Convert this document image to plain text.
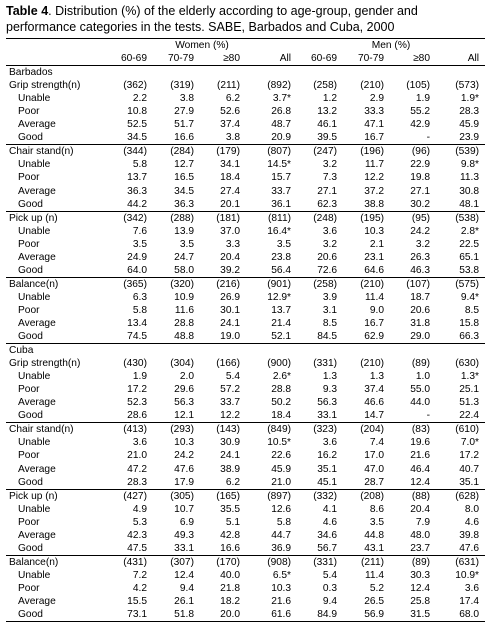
Table 4. Distribution (%) of the elderly according to age-group, gender and performance categories in the tests. SABE, Barbados and Cuba, 2000
	Women (%)				Men (%)			
	60-69	70-79	≥80	All	60-69	70-79	≥80	All
Barbados								
Grip strength(n)	(362)	(319)	(211)	(892)	(258)	(210)	(105)	(573)
Unable	2.2	3.8	6.2	3.7*	1.2	2.9	1.9	1.9*
Poor	10.8	27.9	52.6	26.8	13.2	33.3	55.2	28.3
Average	52.5	51.7	37.4	48.7	46.1	47.1	42.9	45.9
Good	34.5	16.6	3.8	20.9	39.5	16.7	-	23.9
Chair stand(n)	(344)	(284)	(179)	(807)	(247)	(196)	(96)	(539)
Unable	5.8	12.7	34.1	14.5*	3.2	11.7	22.9	9.8*
Poor	13.7	16.5	18.4	15.7	7.3	12.2	19.8	11.3
Average	36.3	34.5	27.4	33.7	27.1	37.2	27.1	30.8
Good	44.2	36.3	20.1	36.1	62.3	38.8	30.2	48.1
Pick up (n)	(342)	(288)	(181)	(811)	(248)	(195)	(95)	(538)
Unable	7.6	13.9	37.0	16.4*	3.6	10.3	24.2	2.8*
Poor	3.5	3.5	3.3	3.5	3.2	2.1	3.2	22.5
Average	24.9	24.7	20.4	23.8	20.6	23.1	26.3	65.1
Good	64.0	58.0	39.2	56.4	72.6	64.6	46.3	53.8
Balance(n)	(365)	(320)	(216)	(901)	(258)	(210)	(107)	(575)
Unable	6.3	10.9	26.9	12.9*	3.9	11.4	18.7	9.4*
Poor	5.8	11.6	30.1	13.7	3.1	9.0	20.6	8.5
Average	13.4	28.8	24.1	21.4	8.5	16.7	31.8	15.8
Good	74.5	48.8	19.0	52.1	84.5	62.9	29.0	66.3
Cuba								
Grip strength(n)	(430)	(304)	(166)	(900)	(331)	(210)	(89)	(630)
Unable	1.9	2.0	5.4	2.6*	1.3	1.3	1.0	1.3*
Poor	17.2	29.6	57.2	28.8	9.3	37.4	55.0	25.1
Average	52.3	56.3	33.7	50.2	56.3	46.6	44.0	51.3
Good	28.6	12.1	12.2	18.4	33.1	14.7	-	22.4
Chair stand(n)	(413)	(293)	(143)	(849)	(323)	(204)	(83)	(610)
Unable	3.6	10.3	30.9	10.5*	3.6	7.4	19.6	7.0*
Poor	21.0	24.2	24.1	22.6	16.2	17.0	21.6	17.2
Average	47.2	47.6	38.9	45.9	35.1	47.0	46.4	40.7
Good	28.3	17.9	6.2	21.0	45.1	28.7	12.4	35.1
Pick up (n)	(427)	(305)	(165)	(897)	(332)	(208)	(88)	(628)
Unable	4.9	10.7	35.5	12.6	4.1	8.6	20.4	8.0
Poor	5.3	6.9	5.1	5.8	4.6	3.5	7.9	4.6
Average	42.3	49.3	42.8	44.7	34.6	44.8	48.0	39.8
Good	47.5	33.1	16.6	36.9	56.7	43.1	23.7	47.6
Balance(n)	(431)	(307)	(170)	(908)	(331)	(211)	(89)	(631)
Unable	7.2	12.4	40.0	6.5*	5.4	11.4	30.3	10.9*
Poor	4.2	9.4	21.8	10.3	0.3	5.2	12.4	3.6
Average	15.5	26.1	18.2	21.6	9.4	26.5	25.8	17.4
Good	73.1	51.8	20.0	61.6	84.9	56.9	31.5	68.0
